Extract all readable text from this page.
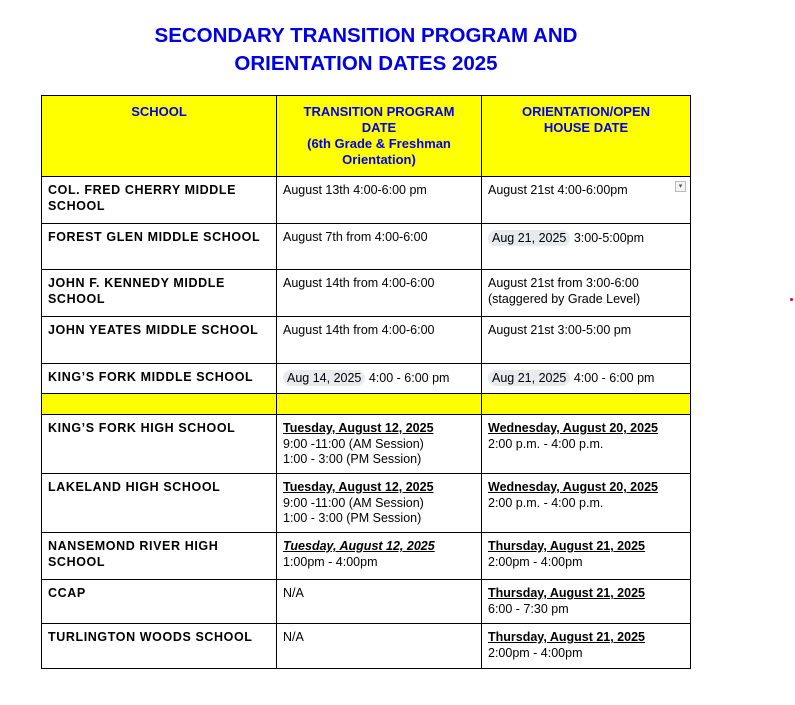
SECONDARY TRANSITION PROGRAM AND
ORIENTATION DATES 2025
SCHOOL	TRANSITION PROGRAM
DATE
(6th Grade & Freshman
Orientation)	ORIENTATION/OPEN
HOUSE DATE

COL. FRED CHERRY MIDDLE SCHOOL	August 13th 4:00-6:00 pm	August 21st 4:00-6:00pm ▾

FOREST GLEN MIDDLE SCHOOL	August 7th from 4:00-6:00	Aug 21, 2025 3:00-5:00pm
JOHN F. KENNEDY MIDDLE SCHOOL	August 14th from 4:00-6:00	August 21st from 3:00-6:00
(staggered by Grade Level)

JOHN YEATES MIDDLE SCHOOL	August 14th from 4:00-6:00	August 21st 3:00-5:00 pm
KING’S FORK MIDDLE SCHOOL	Aug 14, 2025 4:00 - 6:00 pm	Aug 21, 2025 4:00 - 6:00 pm

KING’S FORK HIGH SCHOOL	Tuesday, August 12, 2025
9:00 -11:00 (AM Session)
1:00 - 3:00 (PM Session)	Wednesday, August 20, 2025
2:00 p.m. - 4:00 p.m.

LAKELAND HIGH SCHOOL	Tuesday, August 12, 2025
9:00 -11:00 (AM Session)
1:00 - 3:00 (PM Session)	Wednesday, August 20, 2025
2:00 p.m. - 4:00 p.m.

NANSEMOND RIVER HIGH SCHOOL	Tuesday, August 12, 2025
1:00pm - 4:00pm	Thursday, August 21, 2025
2:00pm - 4:00pm

CCAP	N/A	Thursday, August 21, 2025
6:00 - 7:30 pm

TURLINGTON WOODS SCHOOL	N/A	Thursday, August 21, 2025
2:00pm - 4:00pm
